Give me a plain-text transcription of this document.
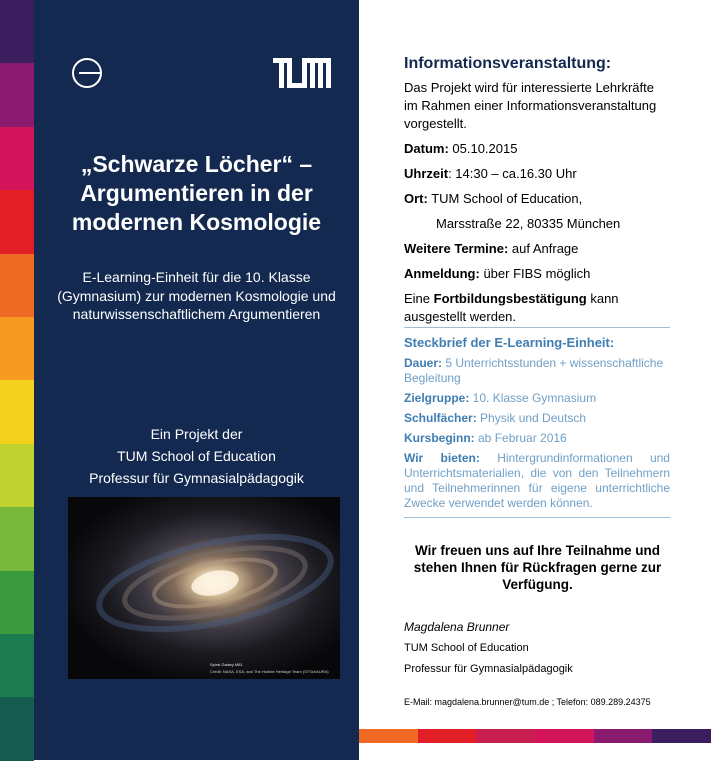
„Schwarze Löcher“ –
Argumentieren in der
modernen Kosmologie
E-Learning-Einheit für die 10. Klasse
(Gymnasium) zur modernen Kosmologie und
naturwissenschaftlichem Argumentieren
Ein Projekt der
TUM School of Education
Professur für Gymnasialpädagogik
Spiral Galaxy M81
Credit: NASA, ESA, and The Hubble Heritage Team (STScI/AURA)
Informationsveranstaltung:

Das Projekt wird für interessierte Lehrkräfte im Rahmen einer Informationsveranstaltung vorgestellt.

Datum: 05.10.2015

Uhrzeit: 14:30 – ca.16.30 Uhr

Ort: TUM School of Education,

Marsstraße 22, 80335 München

Weitere Termine: auf Anfrage

Anmeldung: über FIBS möglich

Eine Fortbildungsbestätigung kann ausgestellt werden.

Steckbrief der E-Learning-Einheit:

Dauer: 5 Unterrichtsstunden + wissenschaftliche Begleitung

Zielgruppe: 10. Klasse Gymnasium

Schulfächer: Physik und Deutsch

Kursbeginn: ab Februar 2016

Wir bieten: Hintergrundinformationen und Unterrichtsmaterialien, die von den Teilnehmern und Teilnehmerinnen für eigene unterrichtliche Zwecke verwendet werden können.

Wir freuen uns auf Ihre Teilnahme und stehen Ihnen für Rückfragen gerne zur Verfügung.
Magdalena Brunner
TUM School of Education
Professur für Gymnasialpädagogik
E-Mail: magdalena.brunner@tum.de ; Telefon: 089.289.24375
